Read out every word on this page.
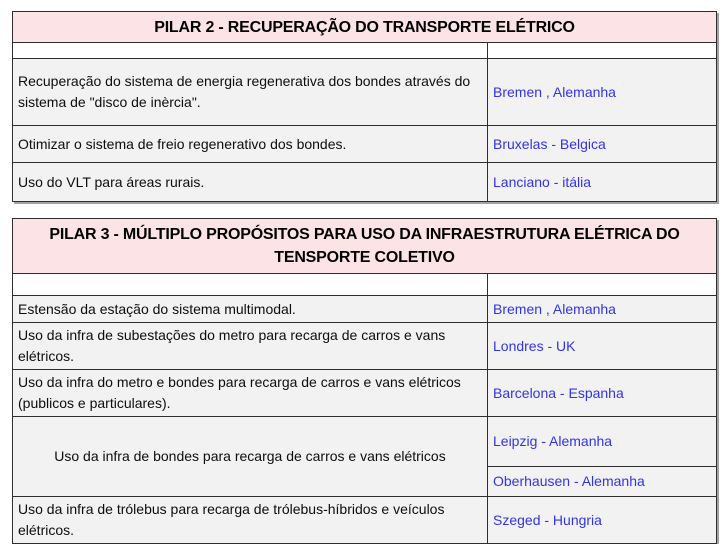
PILAR 2 - RECUPERAÇÃO DO TRANSPORTE ELÉTRICO	

Recuperação do sistema de energia regenerativa dos bondes através do sistema de "disco de inèrcia".	Bremen , Alemanha
Otimizar o sistema de freio regenerativo dos bondes.	Bruxelas - Belgica
Uso do VLT para áreas rurais.	Lanciano - itália
PILAR 3 - MÚLTIPLO PROPÓSITOS PARA USO DA INFRAESTRUTURA ELÉTRICA DO TENSPORTE COLETIVO	

Estensão da estação do sistema multimodal.	Bremen , Alemanha
Uso da infra de subestações do metro para recarga de carros e vans elétricos.	Londres - UK
Uso da infra do metro e bondes para recarga de carros e vans elétricos (publicos e particulares).	Barcelona - Espanha
Uso da infra de bondes para recarga de carros e vans elétricos	Leipzig - Alemanha
	Oberhausen - Alemanha
Uso da infra de trólebus para recarga de trólebus-híbridos e veículos elétricos.	Szeged - Hungria
